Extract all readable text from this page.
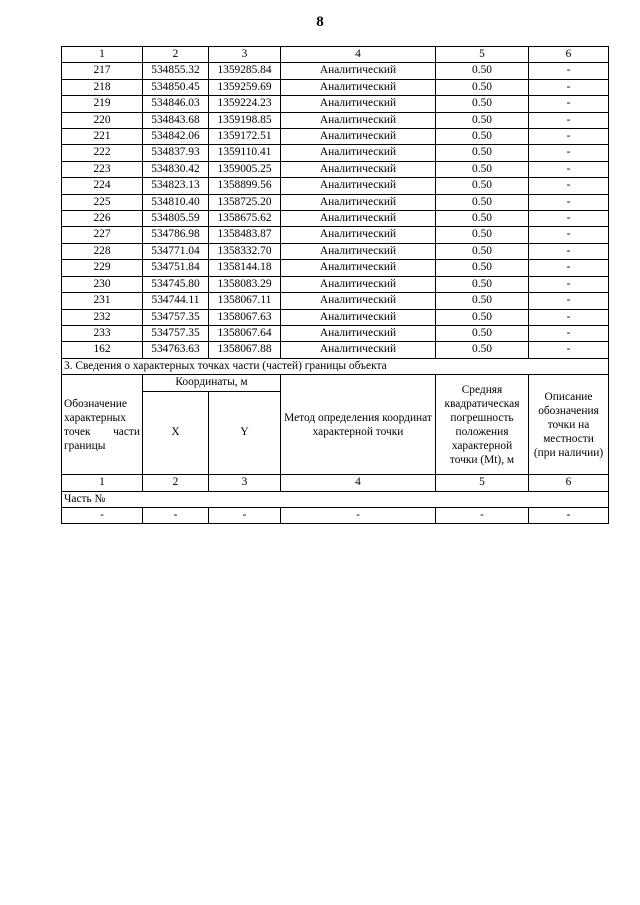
8
1	2	3	4	5	6
217	534855.32	1359285.84	Аналитический	0.50	-
218	534850.45	1359259.69	Аналитический	0.50	-
219	534846.03	1359224.23	Аналитический	0.50	-
220	534843.68	1359198.85	Аналитический	0.50	-
221	534842.06	1359172.51	Аналитический	0.50	-
222	534837.93	1359110.41	Аналитический	0.50	-
223	534830.42	1359005.25	Аналитический	0.50	-
224	534823.13	1358899.56	Аналитический	0.50	-
225	534810.40	1358725.20	Аналитический	0.50	-
226	534805.59	1358675.62	Аналитический	0.50	-
227	534786.98	1358483.87	Аналитический	0.50	-
228	534771.04	1358332.70	Аналитический	0.50	-
229	534751.84	1358144.18	Аналитический	0.50	-
230	534745.80	1358083.29	Аналитический	0.50	-
231	534744.11	1358067.11	Аналитический	0.50	-
232	534757.35	1358067.63	Аналитический	0.50	-
233	534757.35	1358067.64	Аналитический	0.50	-
162	534763.63	1358067.88	Аналитический	0.50	-
3. Сведения о характерных точках части (частей) границы объекта					
Обозначение характерных точек части границы	Координаты, м		Метод определения координат характерной точки	Средняя квадратическая погрешность положения характерной точки (Mt), м	Описание обозначения точки на местности (при наличии)
	X	Y			
1	2	3	4	5	6
Часть №					
-	-	-	-	-	-
